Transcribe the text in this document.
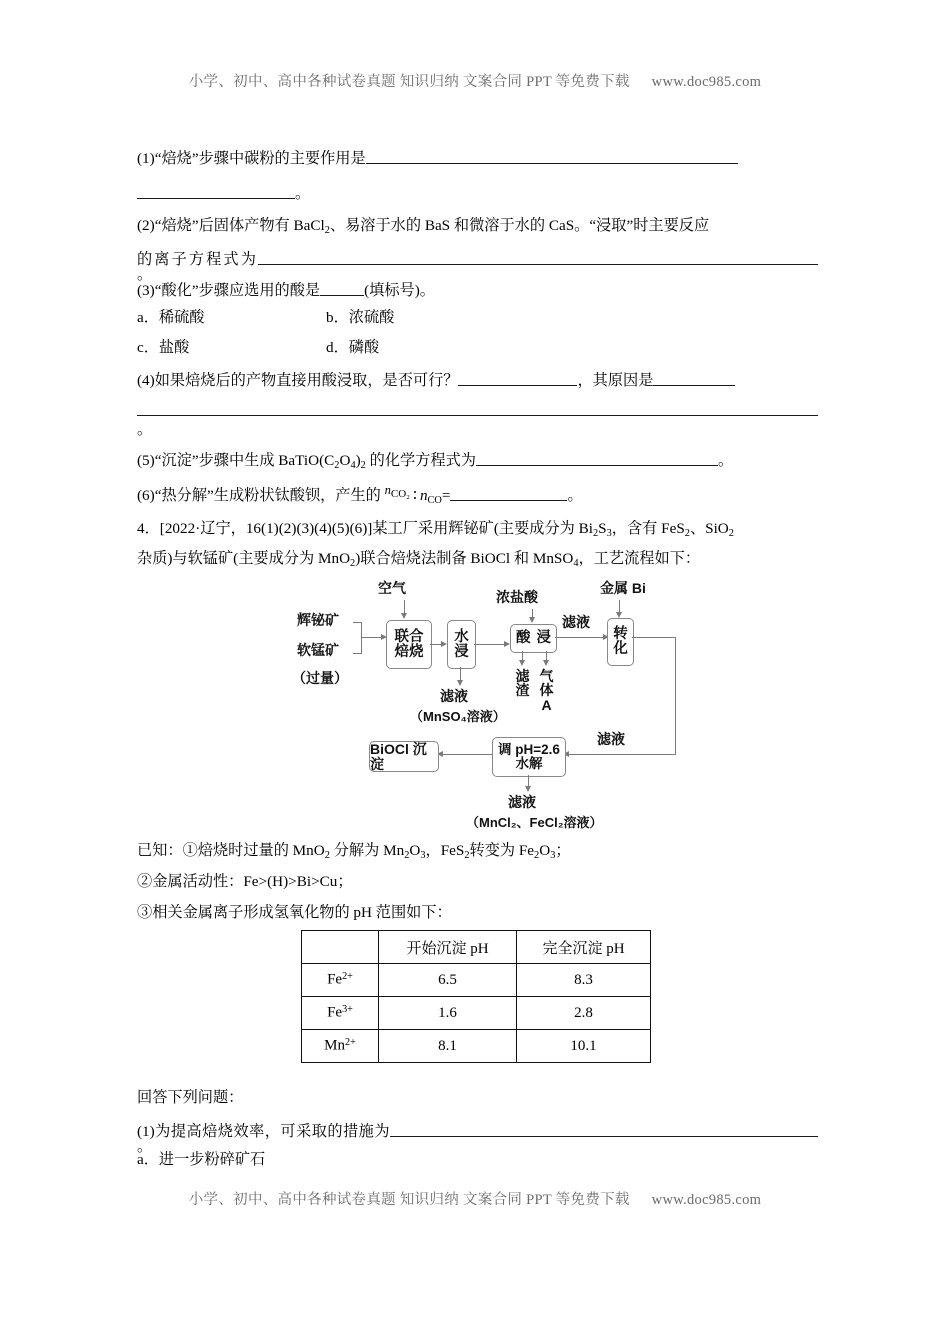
小学、初中、高中各种试卷真题 知识归纳 文案合同 PPT 等免费下载 www.doc985.com

(1)“焙烧”步骤中碳粉的主要作用是

。

(2)“焙烧”后固体产物有 BaCl$_2$、易溶于水的 BaS 和微溶于水的 CaS。“浸取”时主要反应

的离子方程式为。

(3)“酸化”步骤应选用的酸是	(填标号)。

a．稀硫酸	b．浓硫酸

c．盐酸	d．磷酸

(4)如果焙烧后的产物直接用酸浸取，是否可行？	，其原因是

。

(5)“沉淀”步骤中生成 $BaTiO(C_2O_4)_2$ 的化学方程式为	。

(6)“热分解”生成粉状钛酸钡，产生的 $^n$CO₂ ∶ $n_{CO}=$	。

4．[2022·辽宁，16(1)(2)(3)(4)(5)(6)]某工厂采用辉铋矿(主要成分为 $Bi_2S_3$，含有 FeS$_2$、SiO$_2$

杂质)与软锰矿(主要成分为 MnO$_2$)联合焙烧法制备 BiOCl 和 MnSO$_4$，工艺流程如下：

辉铋矿
软锰矿
（过量）
空气
联合
焙烧
水
浸
滤液
（MnSO₄溶液）
浓盐酸
酸 浸
滤渣
气体A
滤液
金属 Bi
转
化
滤液
调 pH=2.6
水解
BiOCl 沉淀
滤液
（MnCl₂、FeCl₂溶液）

已知：①焙烧时过量的 MnO$_2$ 分解为 $Mn_2O_3$，FeS$_2$转变为 $Fe_2O_3$；

②金属活动性：Fe>(H)>Bi>Cu；

③相关金属离子形成氢氧化物的 pH 范围如下：

	开始沉淀 pH	完全沉淀 pH
$Fe^{2+}$	6.5	8.3
$Fe^{3+}$	1.6	2.8
$Mn^{2+}$	8.1	10.1

回答下列问题：

(1)为提高焙烧效率，可采取的措施为。

a．进一步粉碎矿石

小学、初中、高中各种试卷真题 知识归纳 文案合同 PPT 等免费下载 www.doc985.com
